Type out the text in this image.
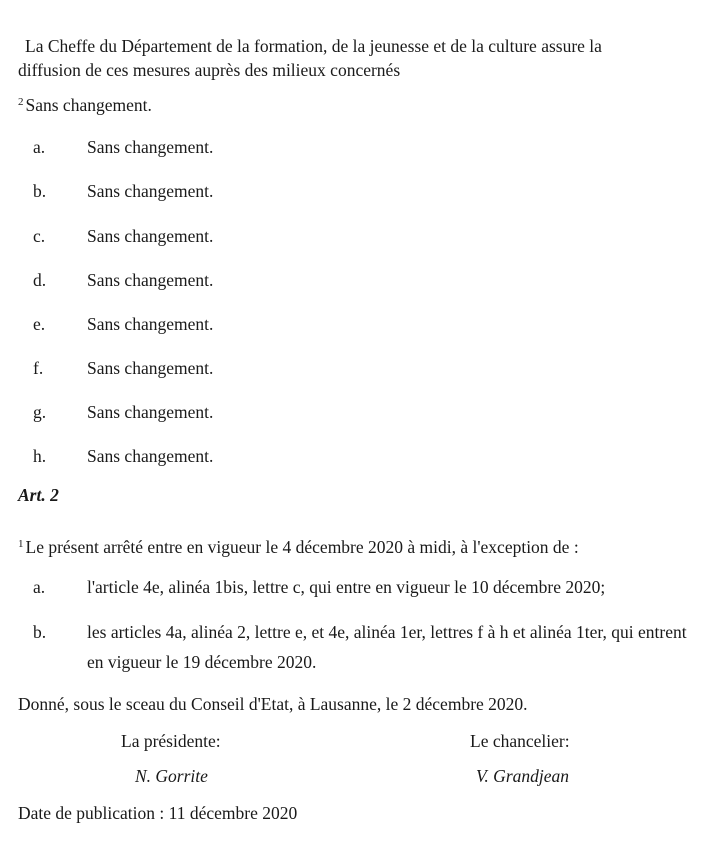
La Cheffe du Département de la formation, de la jeunesse et de la culture assure la
diffusion de ces mesures auprès des milieux concernés
$^2$ Sans changement.
a. Sans changement.
b. Sans changement.
c. Sans changement.
d. Sans changement.
e. Sans changement.
f.	Sans changement.
g. Sans changement.
h. Sans changement.
Art. 2
$^1$ Le présent arrêté entre en vigueur le 4 décembre 2020 à midi, à l'exception de :
a. l'article 4e, alinéa 1bis, lettre c, qui entre en vigueur le 10 décembre 2020;
b. les articles 4a, alinéa 2, lettre e, et 4e, alinéa 1er, lettres f à h et alinéa 1ter, qui entrent en vigueur le 19 décembre 2020.
Donné, sous le sceau du Conseil d'Etat, à Lausanne, le 2 décembre 2020.
La présidente:	Le chancelier:
N. Gorrite	V. Grandjean
Date de publication : 11 décembre 2020
